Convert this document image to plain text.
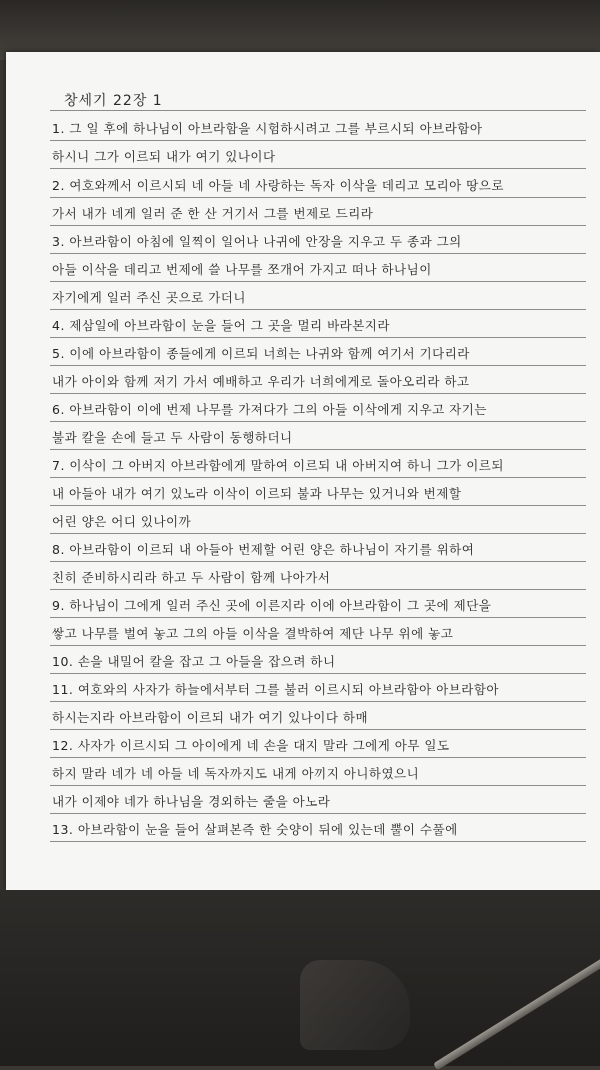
창세기 22장 1
1. 그 일 후에 하나님이 아브라함을 시험하시려고 그를 부르시되 아브라함아
하시니 그가 이르되 내가 여기 있나이다
2. 여호와께서 이르시되 네 아들 네 사랑하는 독자 이삭을 데리고 모리아 땅으로
가서 내가 네게 일러 준 한 산 거기서 그를 번제로 드리라
3. 아브라함이 아침에 일찍이 일어나 나귀에 안장을 지우고 두 종과 그의
아들 이삭을 데리고 번제에 쓸 나무를 쪼개어 가지고 떠나 하나님이
자기에게 일러 주신 곳으로 가더니
4. 제삼일에 아브라함이 눈을 들어 그 곳을 멀리 바라본지라
5. 이에 아브라함이 종들에게 이르되 너희는 나귀와 함께 여기서 기다리라
내가 아이와 함께 저기 가서 예배하고 우리가 너희에게로 돌아오리라 하고
6. 아브라함이 이에 번제 나무를 가져다가 그의 아들 이삭에게 지우고 자기는
불과 칼을 손에 들고 두 사람이 동행하더니
7. 이삭이 그 아버지 아브라함에게 말하여 이르되 내 아버지여 하니 그가 이르되
내 아들아 내가 여기 있노라 이삭이 이르되 불과 나무는 있거니와 번제할
어린 양은 어디 있나이까
8. 아브라함이 이르되 내 아들아 번제할 어린 양은 하나님이 자기를 위하여
친히 준비하시리라 하고 두 사람이 함께 나아가서
9. 하나님이 그에게 일러 주신 곳에 이른지라 이에 아브라함이 그 곳에 제단을
쌓고 나무를 벌여 놓고 그의 아들 이삭을 결박하여 제단 나무 위에 놓고
10. 손을 내밀어 칼을 잡고 그 아들을 잡으려 하니
11. 여호와의 사자가 하늘에서부터 그를 불러 이르시되 아브라함아 아브라함아
하시는지라 아브라함이 이르되 내가 여기 있나이다 하매
12. 사자가 이르시되 그 아이에게 네 손을 대지 말라 그에게 아무 일도
하지 말라 네가 네 아들 네 독자까지도 내게 아끼지 아니하였으니
내가 이제야 네가 하나님을 경외하는 줄을 아노라
13. 아브라함이 눈을 들어 살펴본즉 한 숫양이 뒤에 있는데 뿔이 수풀에
